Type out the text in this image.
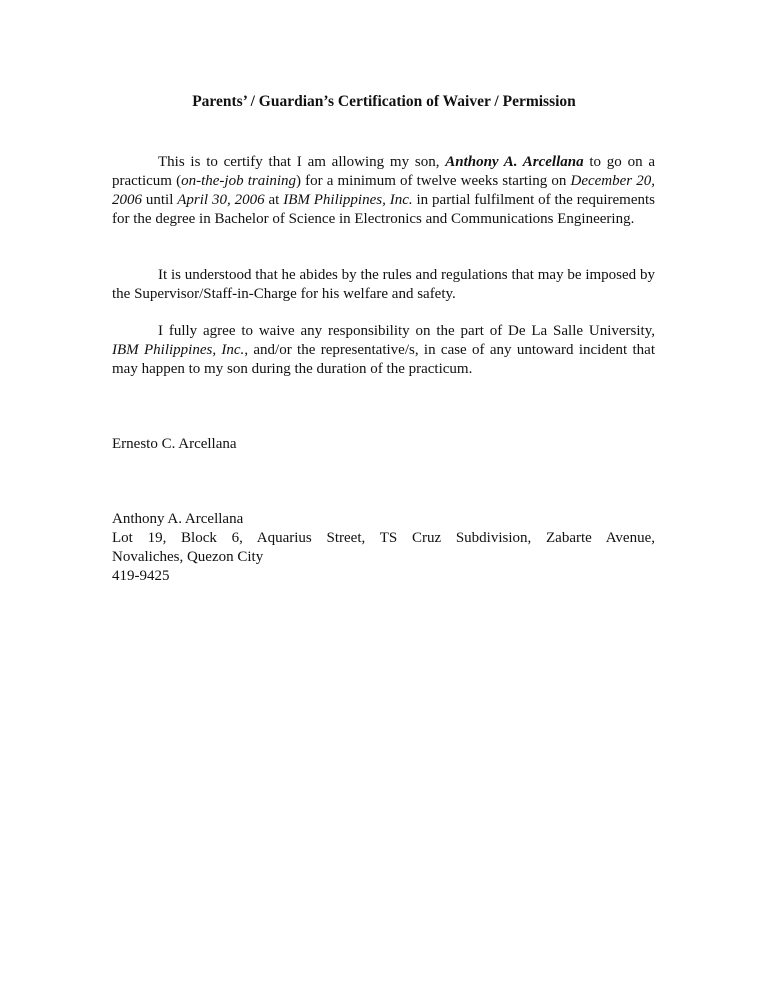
Parents’ / Guardian’s Certification of Waiver / Permission

This is to certify that I am allowing my son, Anthony A. Arcellana to go on a practicum (on-the-job training) for a minimum of twelve weeks starting on December 20, 2006 until April 30, 2006 at IBM Philippines, Inc. in partial fulfilment of the requirements for the degree in Bachelor of Science in Electronics and Communications Engineering.

It is understood that he abides by the rules and regulations that may be imposed by the Supervisor/Staff-in-Charge for his welfare and safety.

I fully agree to waive any responsibility on the part of De La Salle University, IBM Philippines, Inc., and/or the representative/s, in case of any untoward incident that may happen to my son during the duration of the practicum.

Ernesto C. Arcellana
Anthony A. Arcellana
Lot 19, Block 6, Aquarius Street, TS Cruz Subdivision, Zabarte Avenue,
Novaliches, Quezon City
419-9425
